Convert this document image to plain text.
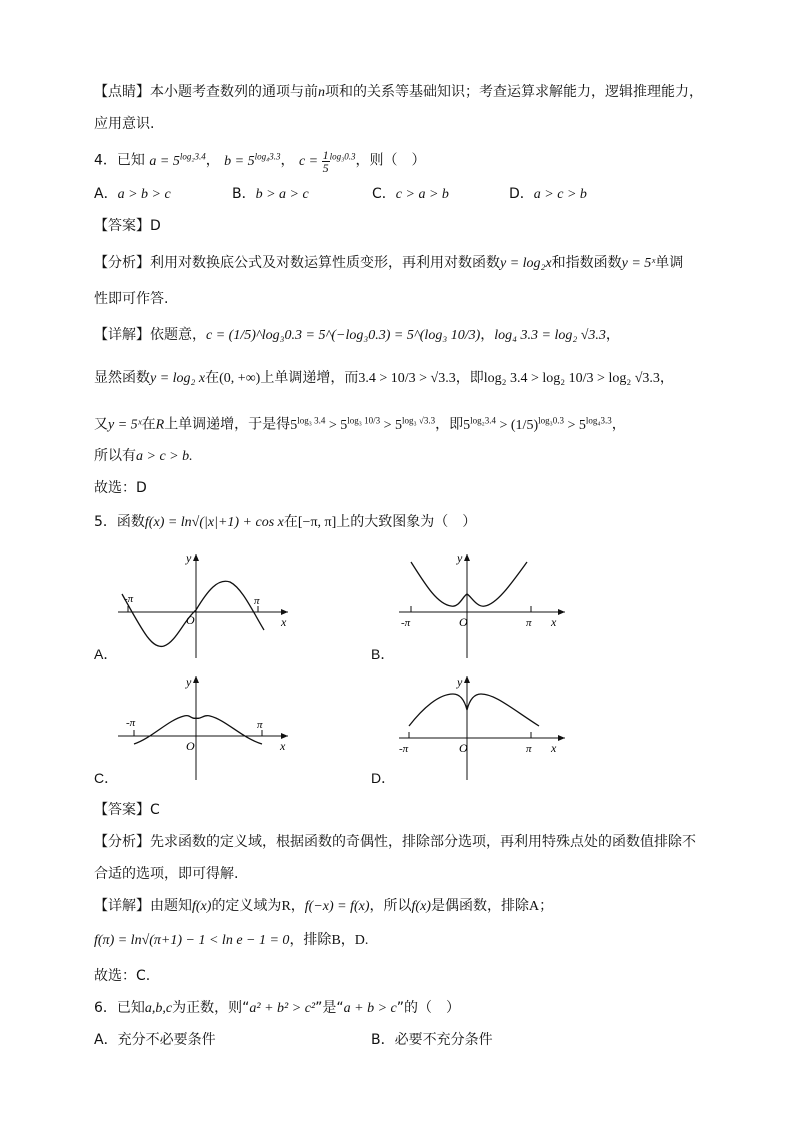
【点睛】本小题考查数列的通项与前n项和的关系等基础知识；考查运算求解能力，逻辑推理能力，
应用意识.
4．已知 $a = 5^{log_23.4}$， $b = 5^{log_43.3}$， $c = \frac{1}{5} ^{log_30.3}$，则（　）
A．a > b > c	B．b > a > c	C．c > a > b	D．a > c > b
【答案】D
【分析】利用对数换底公式及对数运算性质变形，再利用对数函数y = log₂x和指数函数y = 5ˣ单调
性即可作答.
【详解】依题意，c = (1/5)^log₃0.3 = 5^(−log₃0.3) = 5^(log₃ 10/3)，log₄ 3.3 = log₂ √3.3，
显然函数y = log₂ x在(0, +∞)上单调递增，而3.4 > 10/3 > √3.3，即log₂ 3.4 > log₂ 10/3 > log₂ √3.3，
又y = 5ˣ在R上单调递增，于是得$5^{log_3 3.4} > 5^{log_3 10/3} > 5^{log_3 √3.3}$，即$5^{log_23.4} > (1/5)^{log_30.3} > 5^{log_43.3}$，
所以有a > c > b.
故选：D
5．函数f(x) = ln√(|x|+1) + cos x在[−π, π]上的大致图象为（　）
-π	π
O	x
y
A．
-π	π
O	x
y
B．
-π	π
O	x
y
C．
-π	π
O	x
y
D．
【答案】C
【分析】先求函数的定义域，根据函数的奇偶性，排除部分选项，再利用特殊点处的函数值排除不
合适的选项，即可得解.
【详解】由题知f(x)的定义域为R，f(−x) = f(x)，所以f(x)是偶函数，排除A；
f(π) = ln√(π+1) − 1 < ln e − 1 = 0，排除B，D.
故选：C.
6．已知a,b,c为正数，则“a² + b² > c²”是“a + b > c”的（　）
A．充分不必要条件	B．必要不充分条件
